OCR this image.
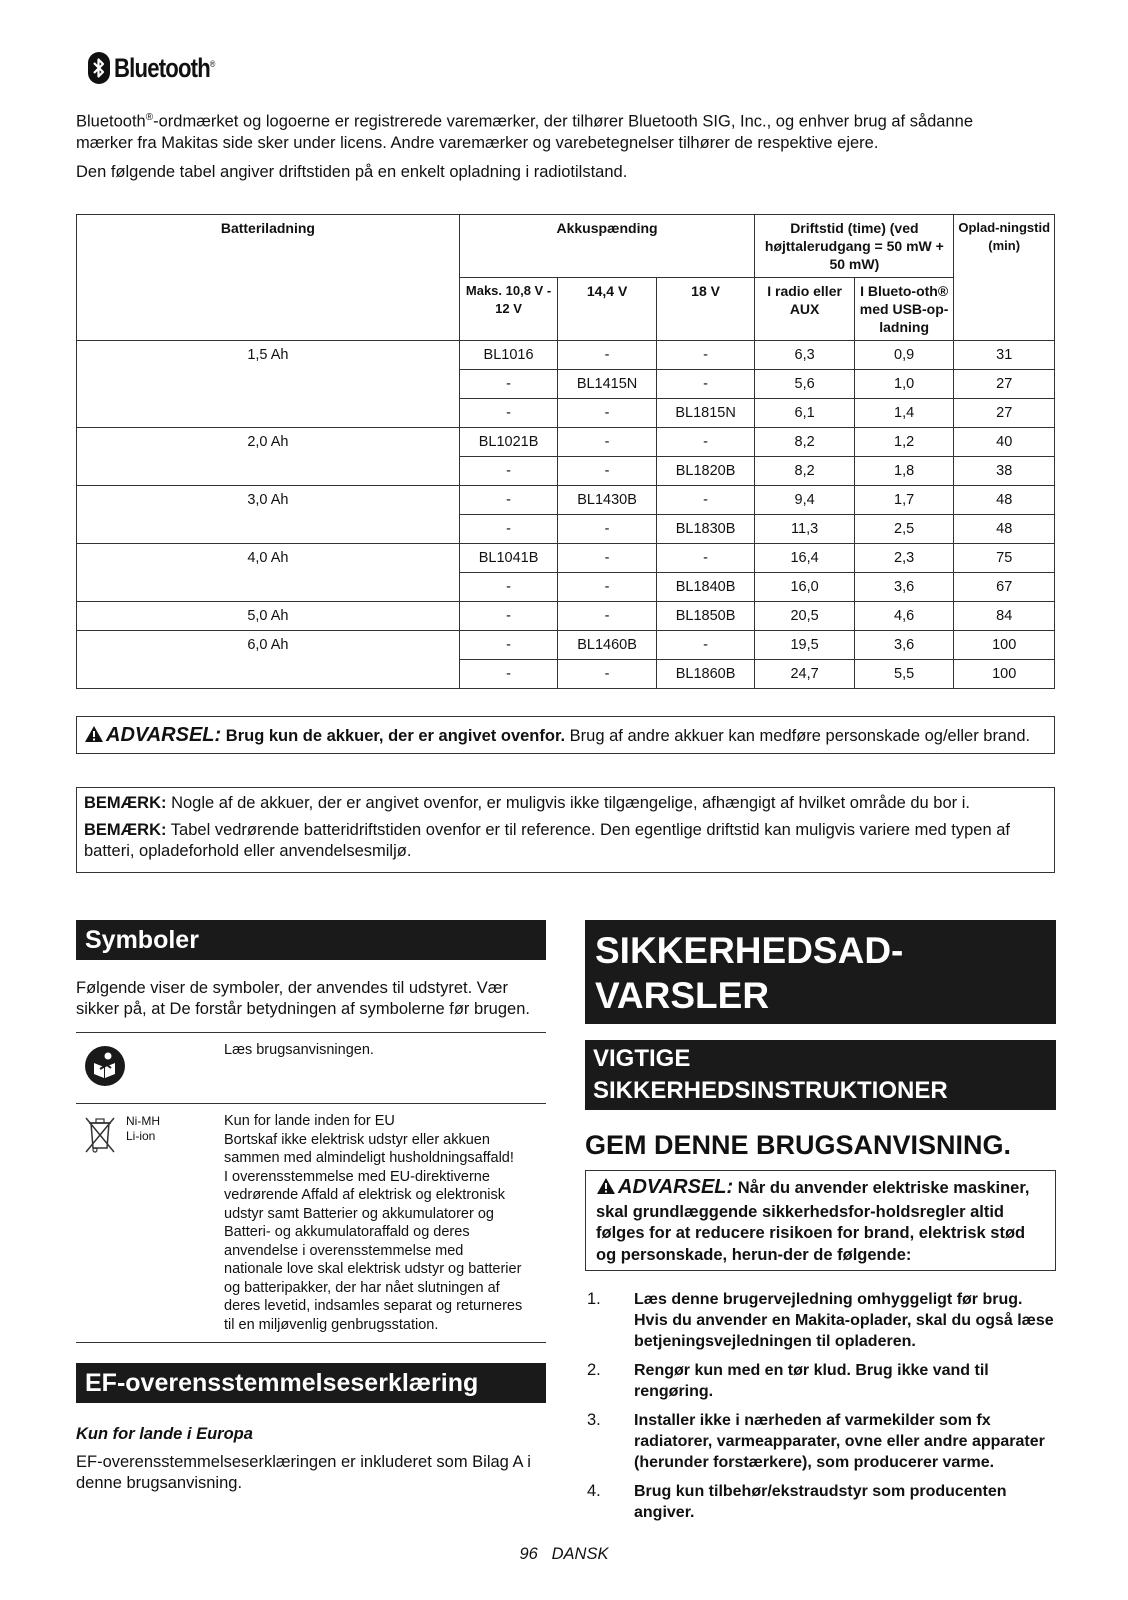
Bluetooth®

Bluetooth®-ordmærket og logoerne er registrerede varemærker, der tilhører Bluetooth SIG, Inc., og enhver brug af sådanne mærker fra Makitas side sker under licens. Andre varemærker og varebetegnelser tilhører de respektive ejere.

Den følgende tabel angiver driftstiden på en enkelt opladning i radiotilstand.

Batteriladning	Akkuspænding			Driftstid (time) (ved højttalerudgang = 50 mW + 50 mW)		Oplad-ningstid (min)
	Maks. 10,8 V - 12 V	14,4 V	18 V	I radio eller AUX	I Blueto-oth® med USB-op-ladning	
1,5 Ah	BL1016	-	-	6,3	0,9	31
	-	BL1415N	-	5,6	1,0	27
	-	-	BL1815N	6,1	1,4	27
2,0 Ah	BL1021B	-	-	8,2	1,2	40
	-	-	BL1820B	8,2	1,8	38
3,0 Ah	-	BL1430B	-	9,4	1,7	48
	-	-	BL1830B	11,3	2,5	48
4,0 Ah	BL1041B	-	-	16,4	2,3	75
	-	-	BL1840B	16,0	3,6	67
5,0 Ah	-	-	BL1850B	20,5	4,6	84
6,0 Ah	-	BL1460B	-	19,5	3,6	100
	-	-	BL1860B	24,7	5,5	100
ADVARSEL: Brug kun de akkuer, der er angivet ovenfor. Brug af andre akkuer kan medføre personskade og/eller brand.

BEMÆRK: Nogle af de akkuer, der er angivet ovenfor, er muligvis ikke tilgængelige, afhængigt af hvilket område du bor i.

BEMÆRK: Tabel vedrørende batteridriftstiden ovenfor er til reference. Den egentlige driftstid kan muligvis variere med typen af batteri, opladeforhold eller anvendelsesmiljø.

Symboler
Følgende viser de symboler, der anvendes til udstyret. Vær sikker på, at De forstår betydningen af symbolerne før brugen.
Læs brugsanvisningen.
Ni-MH
Li-ion
Kun for lande inden for EU
Bortskaf ikke elektrisk udstyr eller akkuen sammen med almindeligt husholdningsaffald!
I overensstemmelse med EU-direktiverne vedrørende Affald af elektrisk og elektronisk udstyr samt Batterier og akkumulatorer og Batteri- og akkumulatoraffald og deres anvendelse i overensstemmelse med nationale love skal elektrisk udstyr og batterier og batteripakker, der har nået slutningen af deres levetid, indsamles separat og returneres til en miljøvenlig genbrugsstation.
EF-overensstemmelseserklæring
Kun for lande i Europa
EF-overensstemmelseserklæringen er inkluderet som Bilag A i denne brugsanvisning.
SIKKERHEDSAD-VARSLER
VIGTIGE SIKKERHEDSINSTRUKTIONER
GEM DENNE BRUGSANVISNING.
ADVARSEL: Når du anvender elektriske maskiner, skal grundlæggende sikkerhedsfor-holdsregler altid følges for at reducere risikoen for brand, elektrisk stød og personskade, herun-der de følgende:
1.	Læs denne brugervejledning omhyggeligt før brug. Hvis du anvender en Makita-oplader, skal du også læse betjeningsvejledningen til opladeren.
2.	Rengør kun med en tør klud. Brug ikke vand til rengøring.
3.	Installer ikke i nærheden af varmekilder som fx radiatorer, varmeapparater, ovne eller andre apparater (herunder forstærkere), som producerer varme.
4.	Brug kun tilbehør/ekstraudstyr som producenten angiver.
96 DANSK
